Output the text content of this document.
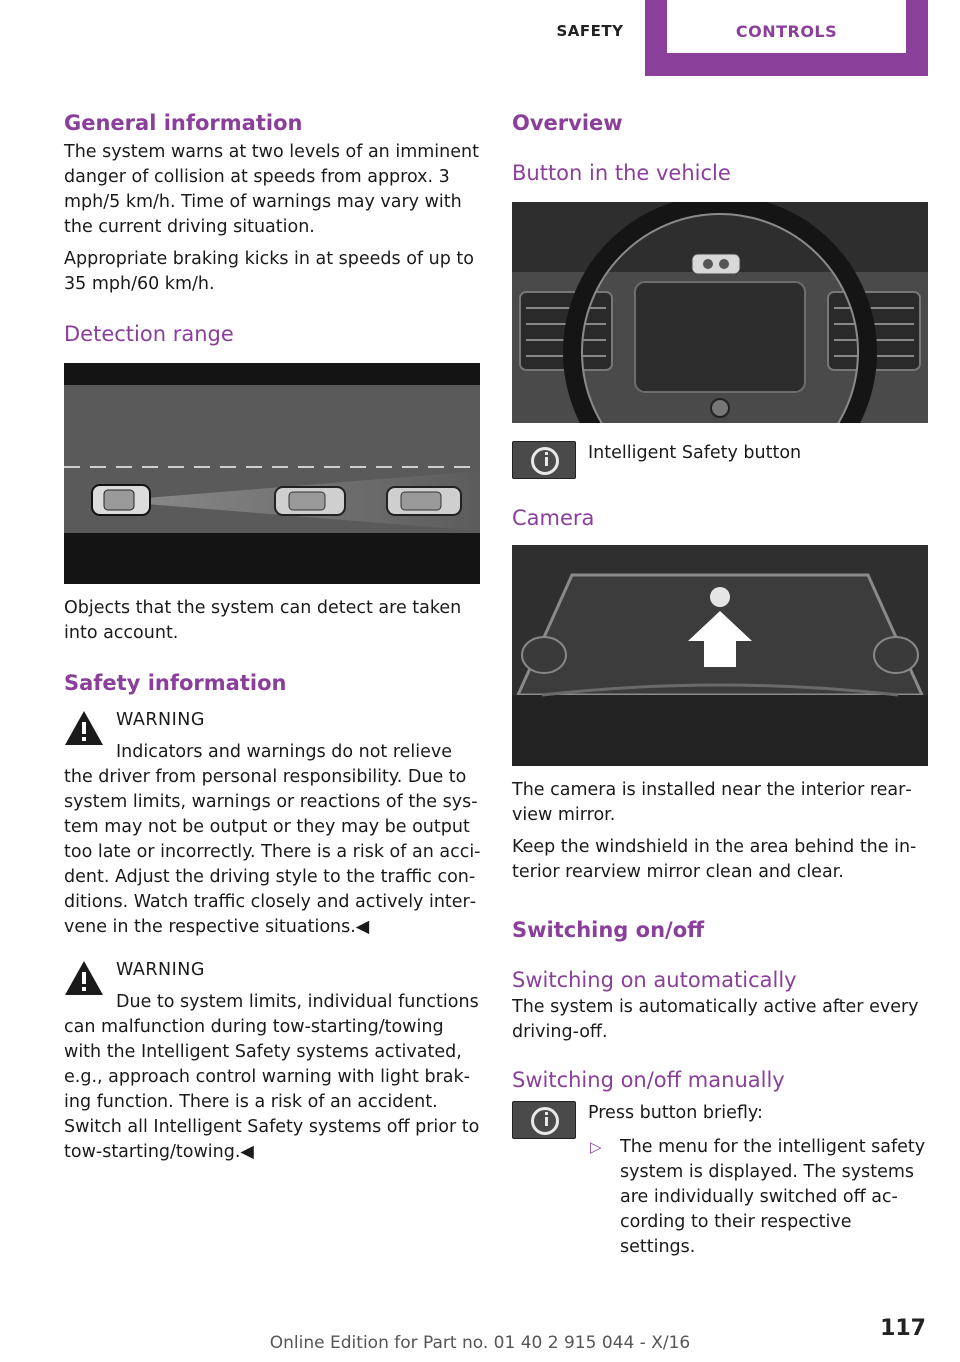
SAFETY	CONTROLS
General information
The system warns at two levels of an imminent danger of collision at speeds from approx. 3 mph/5 km/h. Time of warnings may vary with the current driving situation.
Appropriate braking kicks in at speeds of up to 35 mph/60 km/h.
Detection range
Objects that the system can detect are taken into account.
Safety information
WARNING
Indicators and warnings do not relieve
the driver from personal responsibility. Due to system limits, warnings or reactions of the sys‐tem may not be output or they may be output too late or incorrectly. There is a risk of an acci‐dent. Adjust the driving style to the traffic con‐ditions. Watch traffic closely and actively inter‐vene in the respective situations.◀
WARNING
Due to system limits, individual functions
can malfunction during tow-starting/towing with the Intelligent Safety systems activated, e.g., approach control warning with light brak‐ing function. There is a risk of an accident. Switch all Intelligent Safety systems off prior to tow-starting/towing.◀
Overview
Button in the vehicle
Intelligent Safety button
Camera
The camera is installed near the interior rear‐view mirror.
Keep the windshield in the area behind the in‐terior rearview mirror clean and clear.
Switching on/off
Switching on automatically
The system is automatically active after every driving-off.
Switching on/off manually
Press button briefly:
▷ The menu for the intelligent safety system is displayed. The systems are individually switched off ac‐cording to their respective settings.
117
Online Edition for Part no. 01 40 2 915 044 - X/16
